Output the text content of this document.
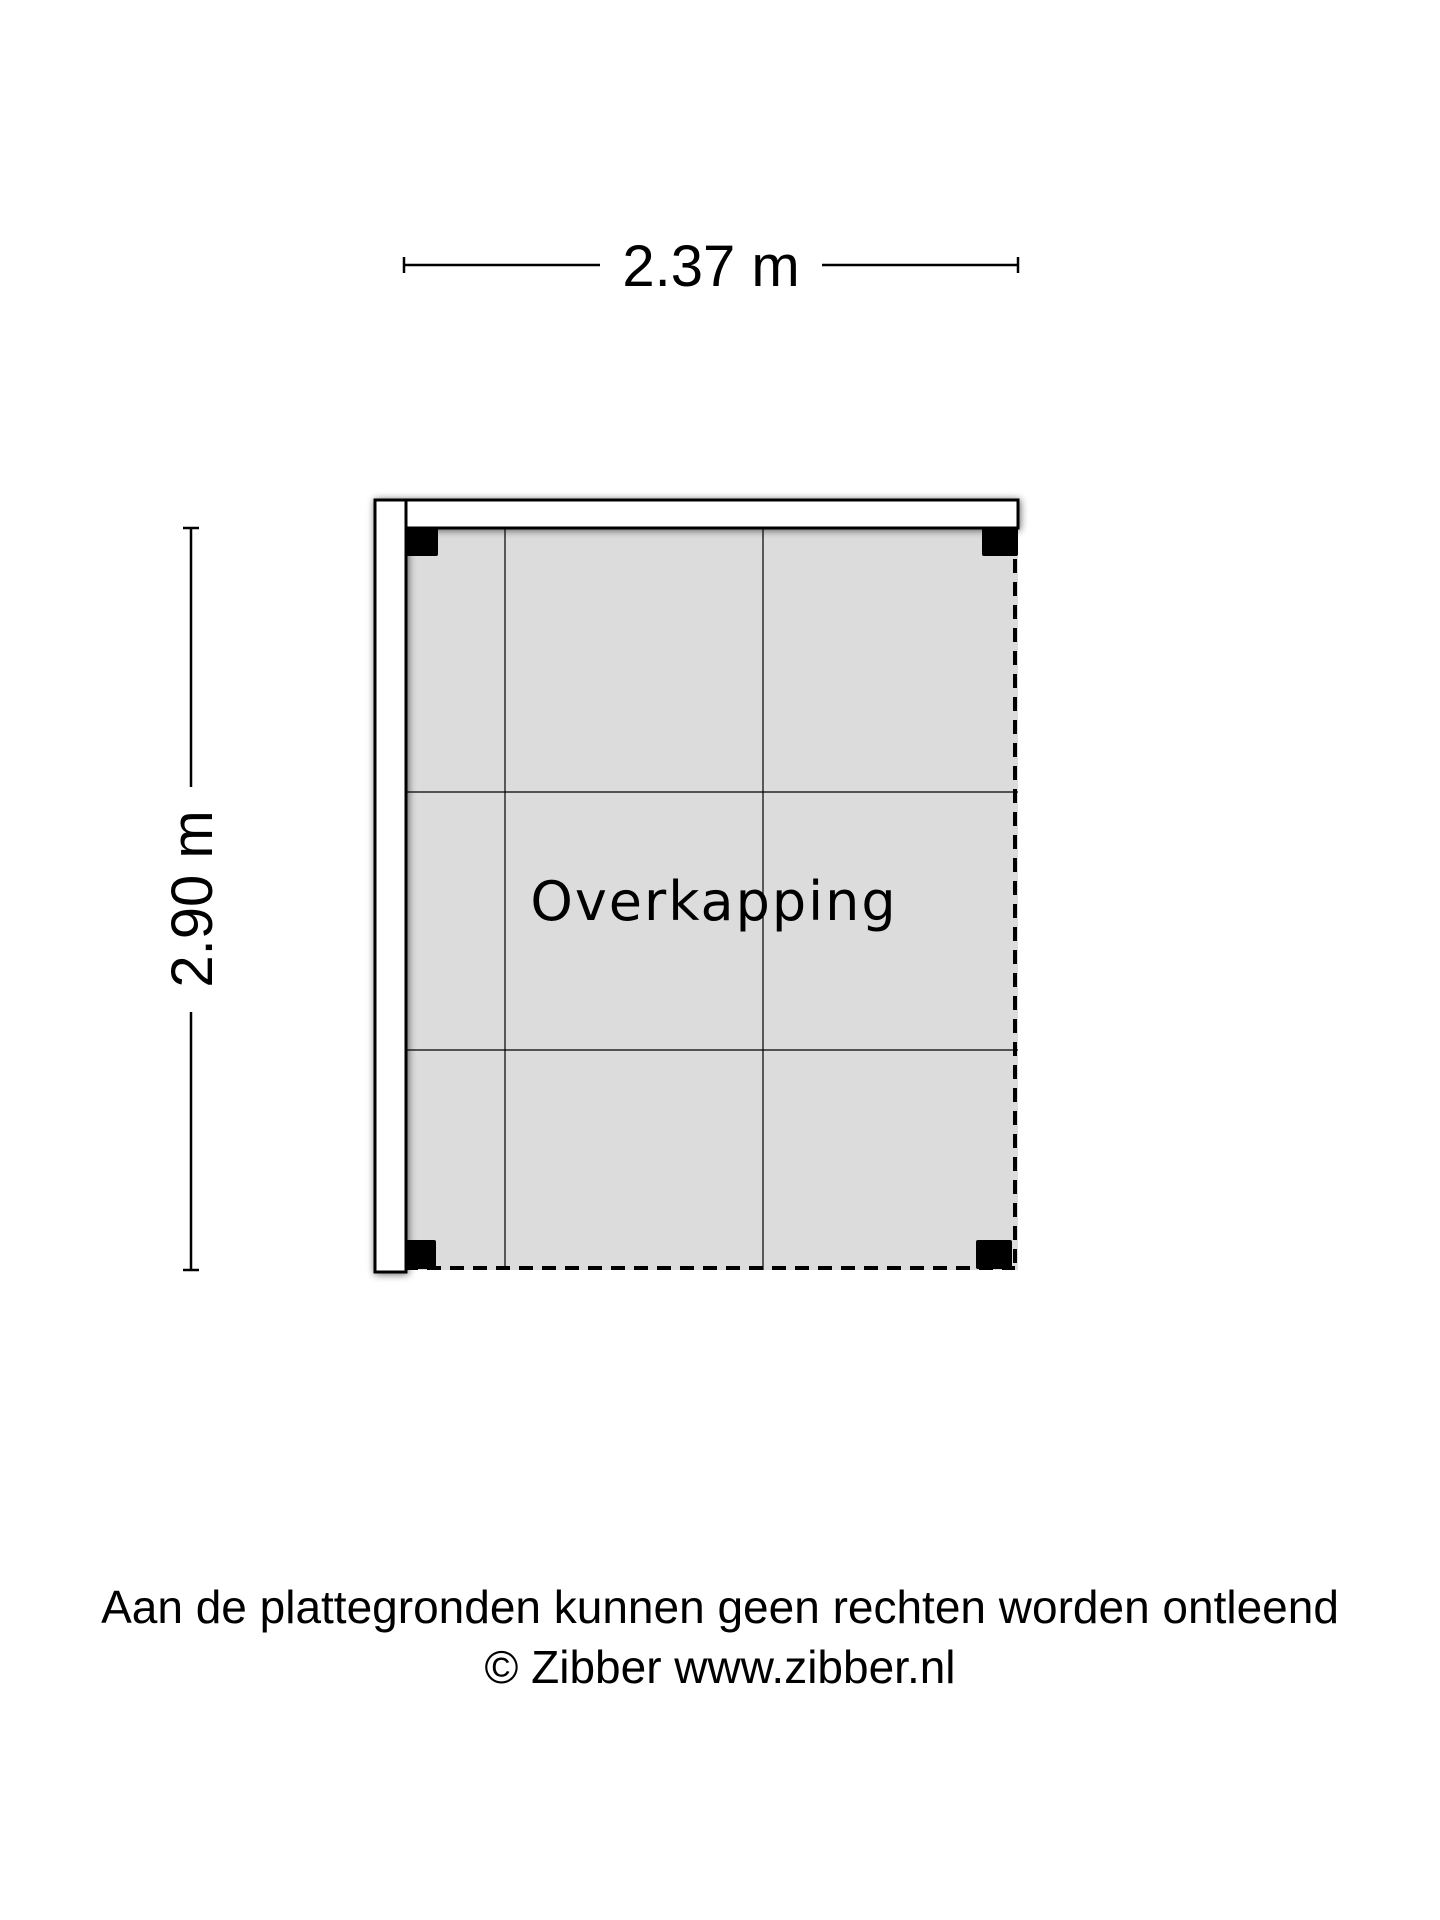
2.37 m
2.90 m	Overkapping
Aan de plattegronden kunnen geen rechten worden ontleend
© Zibber www.zibber.nl
